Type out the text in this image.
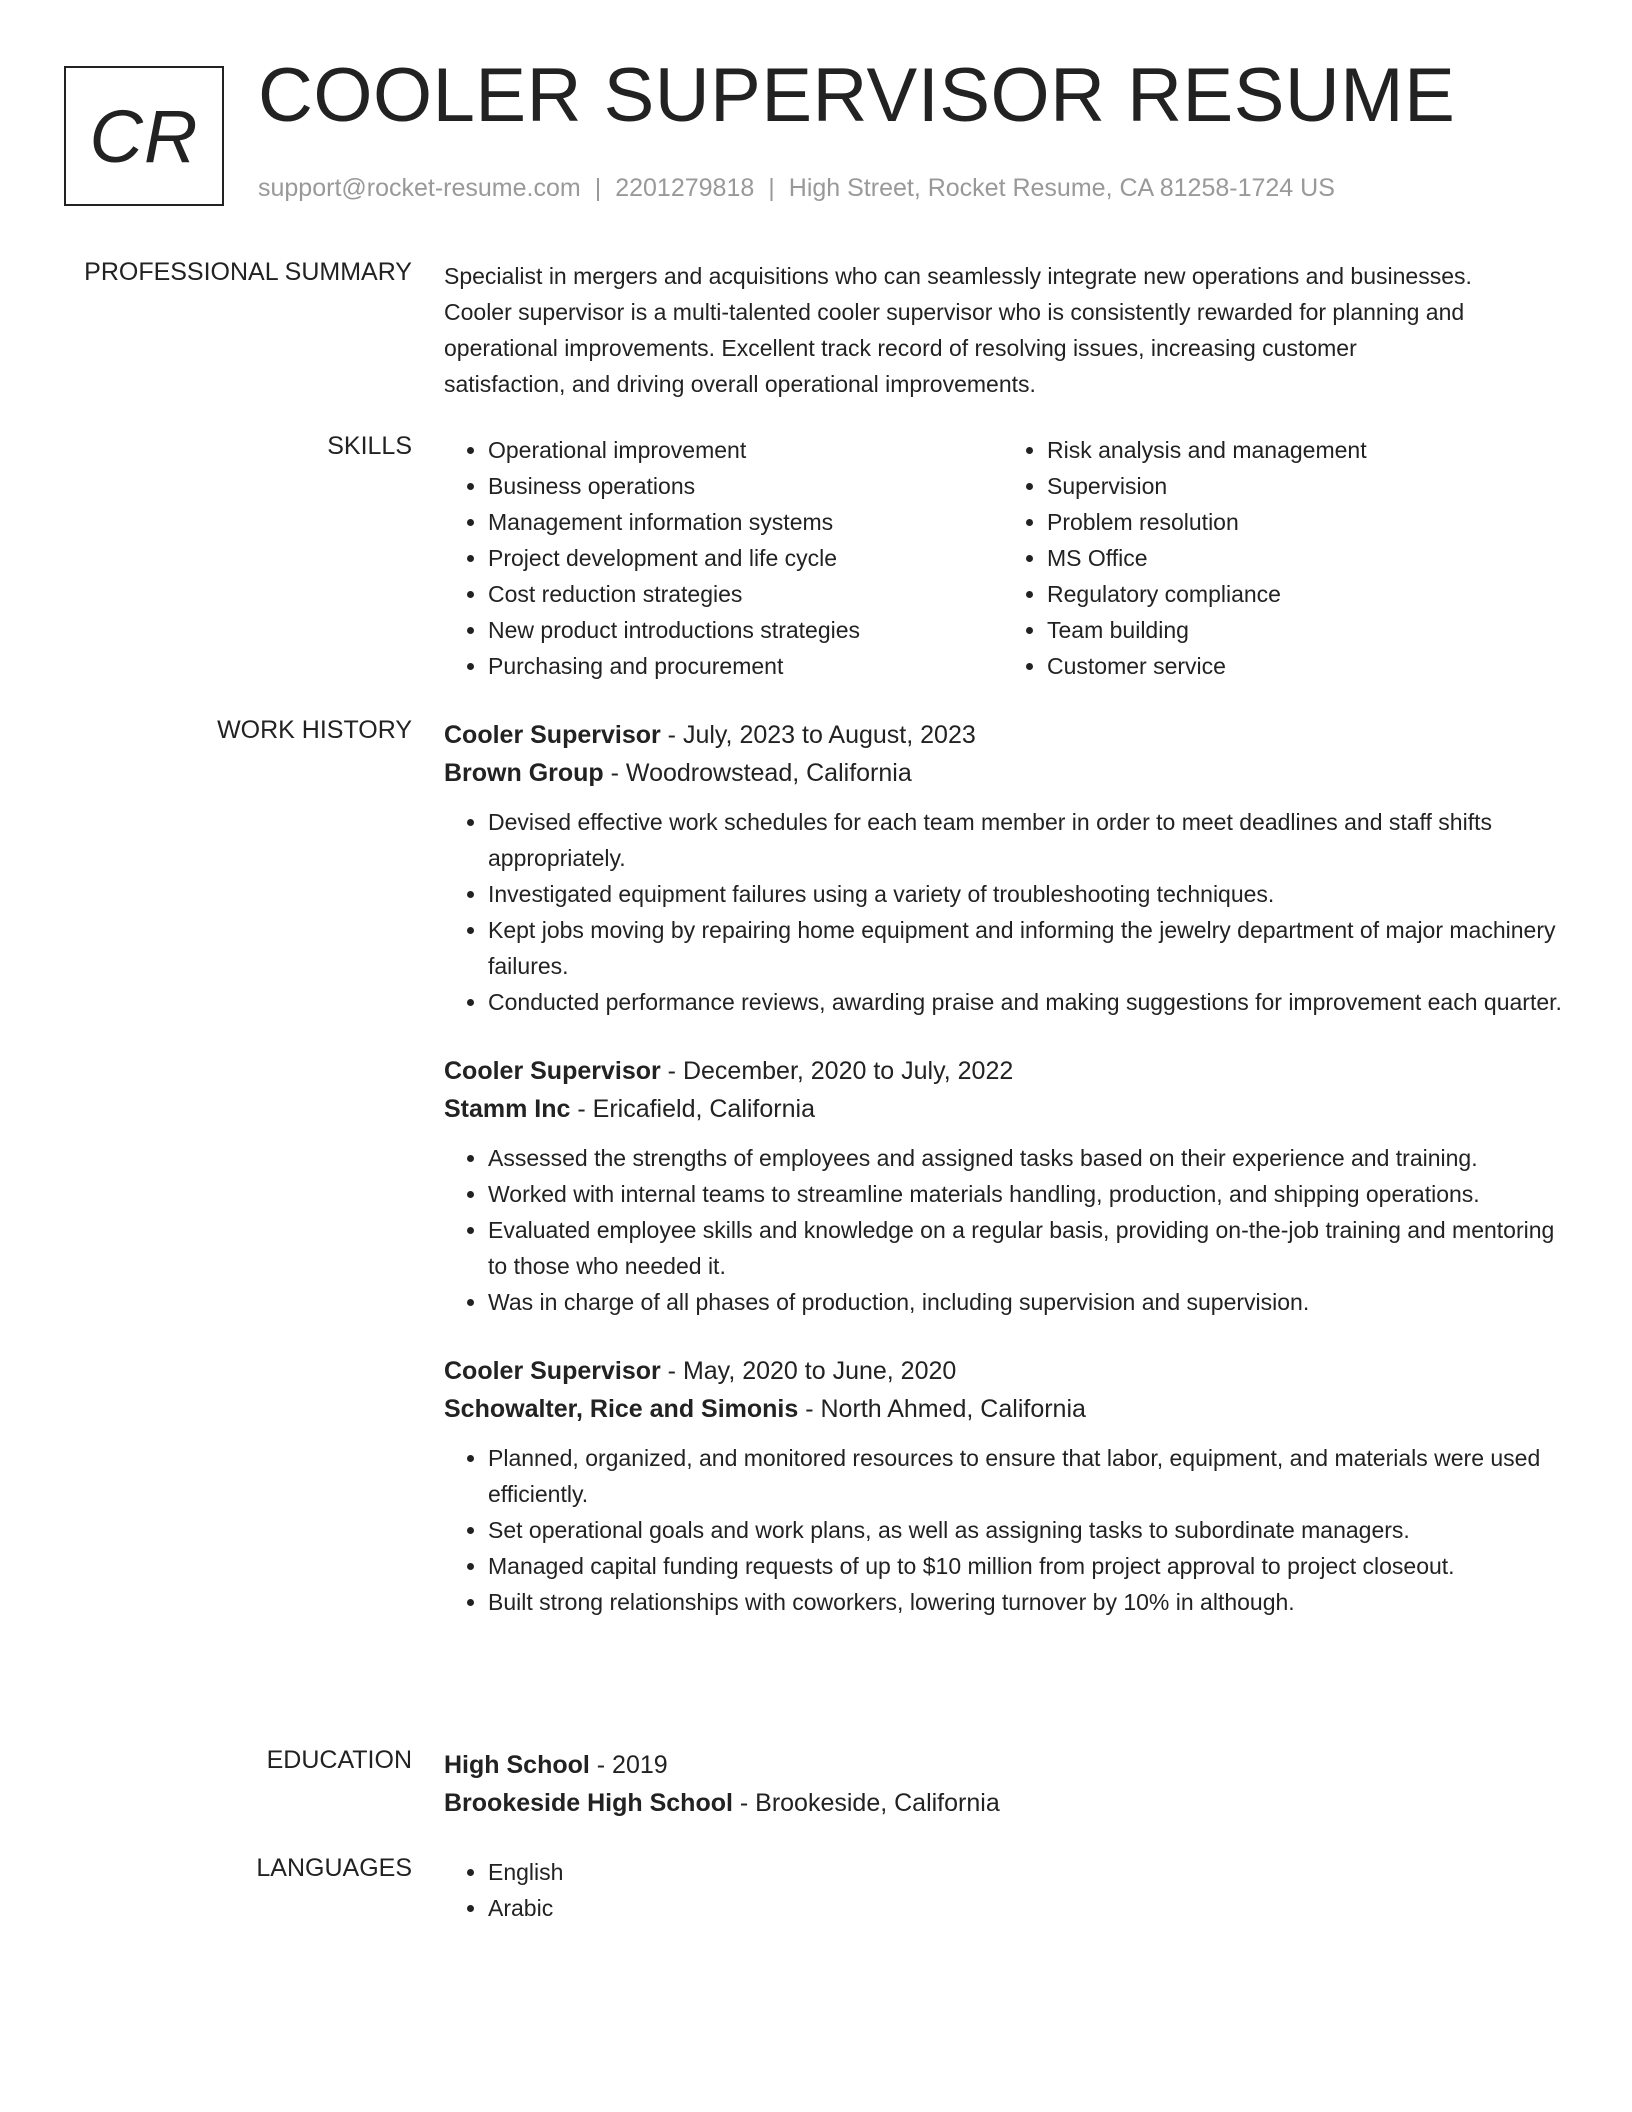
CR COOLER SUPERVISOR RESUME
support@rocket-resume.com | 2201279818 | High Street, Rocket Resume, CA 81258-1724 US
PROFESSIONAL SUMMARY Specialist in mergers and acquisitions who can seamlessly integrate new operations and businesses.

Cooler supervisor is a multi-talented cooler supervisor who is consistently rewarded for planning and

operational improvements. Excellent track record of resolving issues, increasing customer

satisfaction, and driving overall operational improvements.

SKILLS	• Operational improvement
• Business operations
• Management information systems
• Project development and life cycle
• Cost reduction strategies
• New product introductions strategies
• Purchasing and procurement
• Risk analysis and management
• Supervision
• Problem resolution
• MS Office
• Regulatory compliance
• Team building
• Customer service
WORK HISTORY Cooler Supervisor - July, 2023 to August, 2023
Brown Group - Woodrowstead, California
• Devised effective work schedules for each team member in order to meet deadlines and staff shifts appropriately.
• Investigated equipment failures using a variety of troubleshooting techniques.
• Kept jobs moving by repairing home equipment and informing the jewelry department of major machinery failures.
• Conducted performance reviews, awarding praise and making suggestions for improvement each quarter.
Cooler Supervisor - December, 2020 to July, 2022
Stamm Inc - Ericafield, California
• Assessed the strengths of employees and assigned tasks based on their experience and training.
• Worked with internal teams to streamline materials handling, production, and shipping operations.
• Evaluated employee skills and knowledge on a regular basis, providing on-the-job training and mentoring to those who needed it.
• Was in charge of all phases of production, including supervision and supervision.
Cooler Supervisor - May, 2020 to June, 2020
Schowalter, Rice and Simonis - North Ahmed, California
• Planned, organized, and monitored resources to ensure that labor, equipment, and materials were used efficiently.
• Set operational goals and work plans, as well as assigning tasks to subordinate managers.
• Managed capital funding requests of up to $10 million from project approval to project closeout.
• Built strong relationships with coworkers, lowering turnover by 10% in although.
EDUCATION High School - 2019
Brookeside High School - Brookeside, California
LANGUAGES	• English
• Arabic
